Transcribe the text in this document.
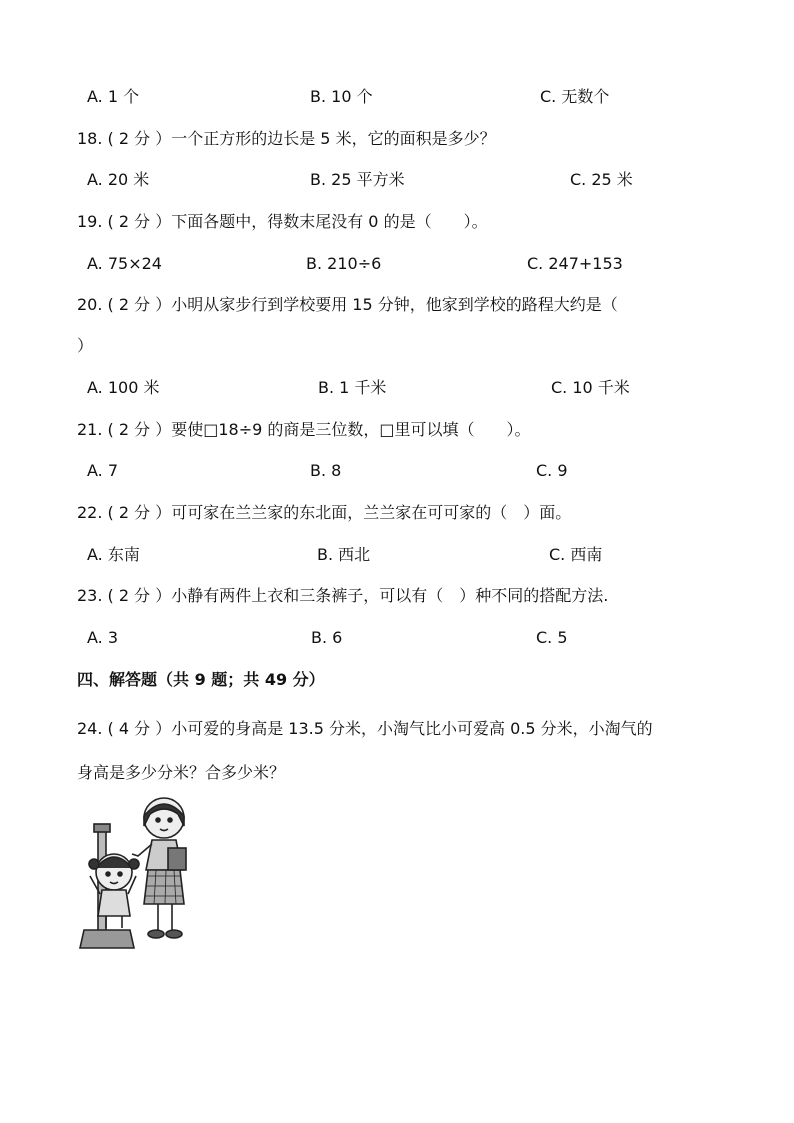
A. 1 个	B. 10 个	C. 无数个
18. ( 2 分 ）一个正方形的边长是 5 米，它的面积是多少？
A. 20 米	B. 25 平方米	C. 25 米
19. ( 2 分 ）下面各题中，得数末尾没有 0 的是（　　）。
A. 75×24	B. 210÷6	C. 247+153
20. ( 2 分 ）小明从家步行到学校要用 15 分钟，他家到学校的路程大约是（
）
A. 100 米	B. 1 千米	C. 10 千米
21. ( 2 分 ）要使□18÷9 的商是三位数，□里可以填（　　）。
A. 7	B. 8	C. 9
22. ( 2 分 ）可可家在兰兰家的东北面，兰兰家在可可家的（　）面。
A. 东南	B. 西北	C. 西南
23. ( 2 分 ）小静有两件上衣和三条裤子，可以有（　）种不同的搭配方法.
A. 3	B. 6	C. 5
四、解答题（共 9 题；共 49 分）
24. ( 4 分 ）小可爱的身高是 13.5 分米，小淘气比小可爱高 0.5 分米，小淘气的
身高是多少分米？合多少米？
